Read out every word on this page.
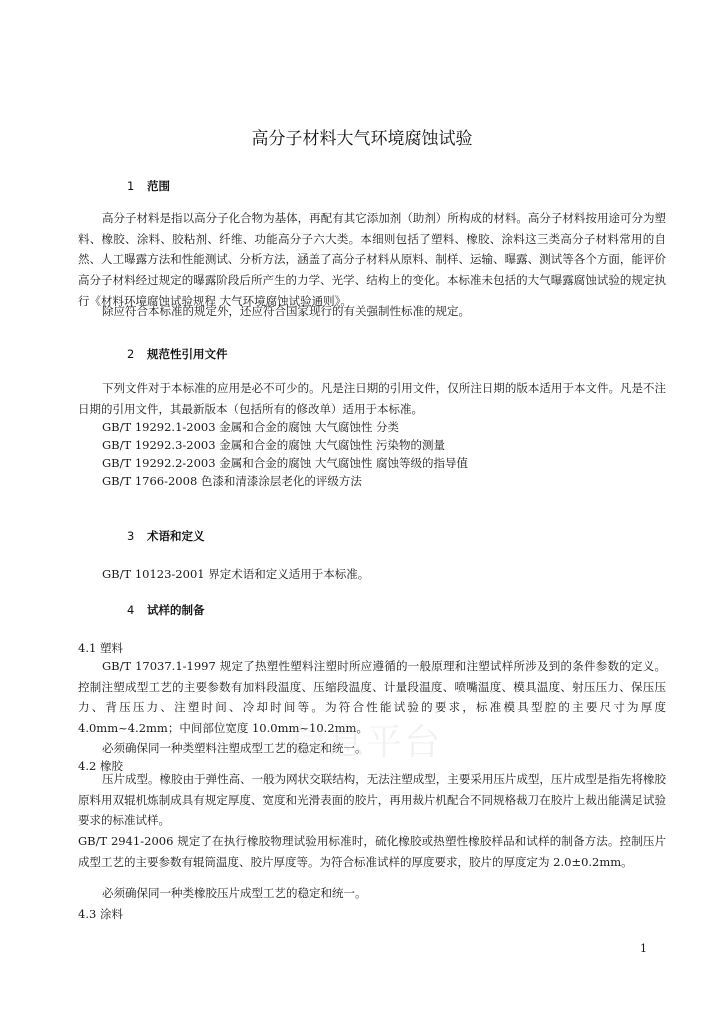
高分子材料大气环境腐蚀试验
1 范围

高分子材料是指以高分子化合物为基体，再配有其它添加剂（助剂）所构成的材料。高分子材料按用途可分为塑料、橡胶、涂料、胶粘剂、纤维、功能高分子六大类。本细则包括了塑料、橡胶、涂料这三类高分子材料常用的自然、人工曝露方法和性能测试、分析方法，涵盖了高分子材料从原料、制样、运输、曝露、测试等各个方面，能评价高分子材料经过规定的曝露阶段后所产生的力学、光学、结构上的变化。本标准未包括的大气曝露腐蚀试验的规定执行《材料环境腐蚀试验规程 大气环境腐蚀试验通则》。

除应符合本标准的规定外，还应符合国家现行的有关强制性标准的规定。

2 规范性引用文件

下列文件对于本标准的应用是必不可少的。凡是注日期的引用文件，仅所注日期的版本适用于本文件。凡是不注日期的引用文件，其最新版本（包括所有的修改单）适用于本标准。

GB/T 19292.1-2003 金属和合金的腐蚀 大气腐蚀性 分类
GB/T 19292.3-2003 金属和合金的腐蚀 大气腐蚀性 污染物的测量
GB/T 19292.2-2003 金属和合金的腐蚀 大气腐蚀性 腐蚀等级的指导值
GB/T 1766-2008 色漆和清漆涂层老化的评级方法
3 术语和定义
GB/T 10123-2001 界定术语和定义适用于本标准。
4 试样的制备
4.1 塑料

GB/T 17037.1-1997 规定了热塑性塑料注塑时所应遵循的一般原理和注塑试样所涉及到的条件参数的定义。控制注塑成型工艺的主要参数有加料段温度、压缩段温度、计量段温度、喷嘴温度、模具温度、射压压力、保压压力、背压压力、注塑时间、冷却时间等。为符合性能试验的要求，标准模具型腔的主要尺寸为厚度 4.0mm~4.2mm；中间部位宽度 10.0mm~10.2mm。

必须确保同一种类塑料注塑成型工艺的稳定和统一。

4.2 橡胶

压片成型。橡胶由于弹性高、一般为网状交联结构，无法注塑成型，主要采用压片成型，压片成型是指先将橡胶原料用双辊机炼制成具有规定厚度、宽度和光滑表面的胶片，再用裁片机配合不同规格裁刀在胶片上裁出能满足试验要求的标准试样。

GB/T 2941-2006 规定了在执行橡胶物理试验用标准时，硫化橡胶或热塑性橡胶样品和试样的制备方法。控制压片成型工艺的主要参数有辊筒温度、胶片厚度等。为符合标准试样的厚度要求，胶片的厚度定为 2.0±0.2mm。

必须确保同一种类橡胶压片成型工艺的稳定和统一。

4.3 涂料
信息平台
1
